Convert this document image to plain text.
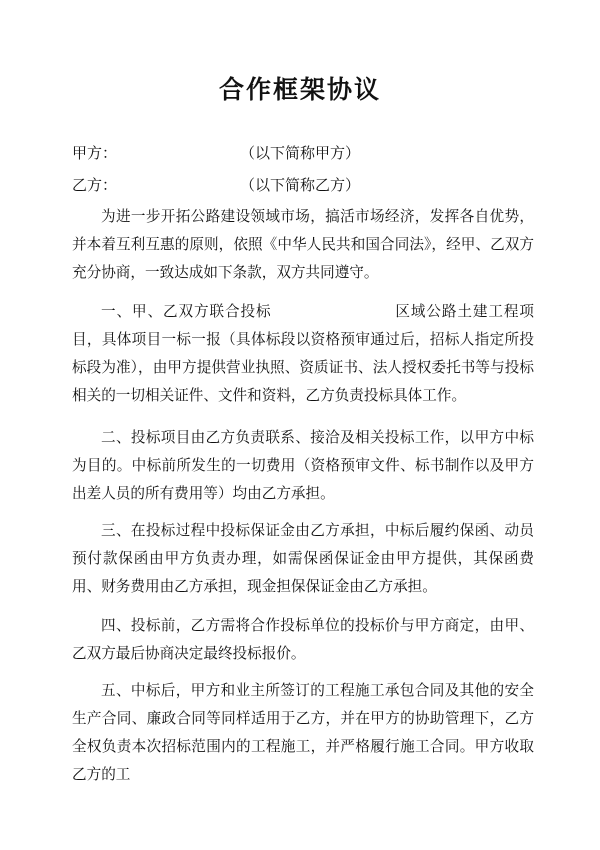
合作框架协议
甲方：	（以下简称甲方）
乙方：	（以下简称乙方）

为进一步开拓公路建设领域市场，搞活市场经济，发挥各自优势，并本着互利互惠的原则，依照《中华人民共和国合同法》，经甲、乙双方充分协商，一致达成如下条款，双方共同遵守。

一、甲、乙双方联合投标　　　　　　　　区域公路土建工程项目，具体项目一标一报（具体标段以资格预审通过后，招标人指定所投标段为准），由甲方提供营业执照、资质证书、法人授权委托书等与投标相关的一切相关证件、文件和资料，乙方负责投标具体工作。

二、投标项目由乙方负责联系、接洽及相关投标工作，以甲方中标为目的。中标前所发生的一切费用（资格预审文件、标书制作以及甲方出差人员的所有费用等）均由乙方承担。

三、在投标过程中投标保证金由乙方承担，中标后履约保函、动员预付款保函由甲方负责办理，如需保函保证金由甲方提供，其保函费用、财务费用由乙方承担，现金担保保证金由乙方承担。

四、投标前，乙方需将合作投标单位的投标价与甲方商定，由甲、乙双方最后协商决定最终投标报价。

五、中标后，甲方和业主所签订的工程施工承包合同及其他的安全生产合同、廉政合同等同样适用于乙方，并在甲方的协助管理下，乙方全权负责本次招标范围内的工程施工，并严格履行施工合同。甲方收取乙方的工
